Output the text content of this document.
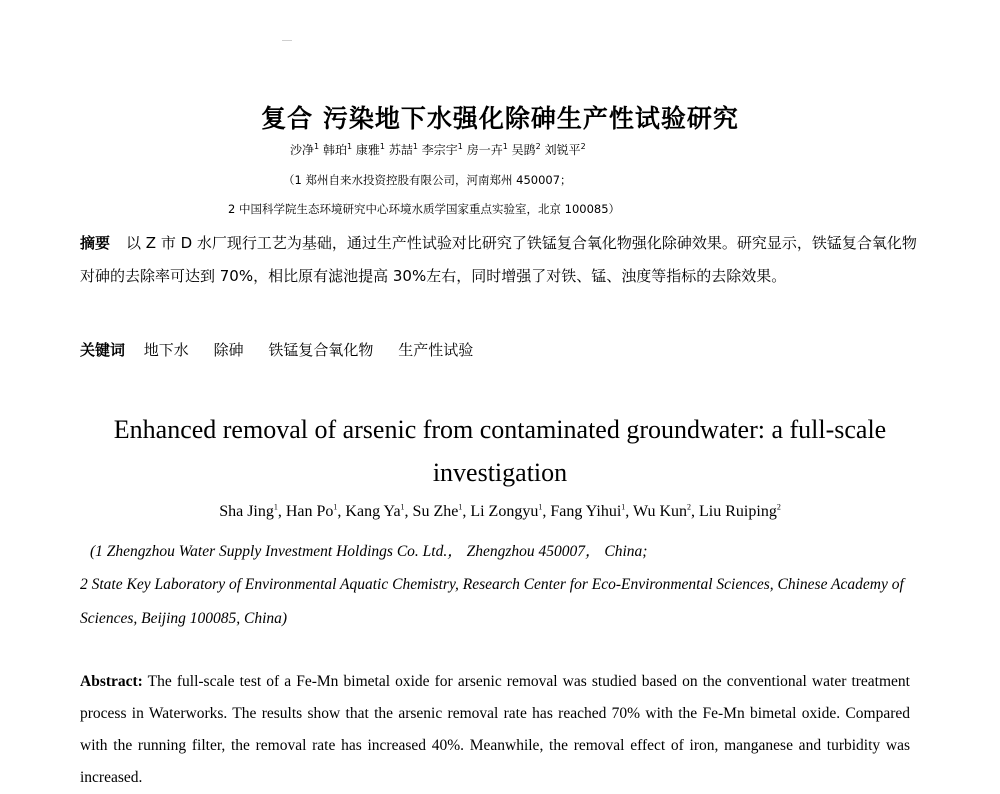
复合 污染地下水强化除砷生产性试验研究
沙净$^1$ 韩珀$^1$ 康雅$^1$ 苏喆$^1$ 李宗宇$^1$ 房一卉$^1$ 吴鹍$^2$ 刘锐平$^2$
（1 郑州自来水投资控股有限公司，河南郑州 450007；
2 中国科学院生态环境研究中心环境水质学国家重点实验室，北京 100085）
摘要 以 Z 市 D 水厂现行工艺为基础，通过生产性试验对比研究了铁锰复合氧化物强化除砷效果。研究显示，铁锰复合氧化物对砷的去除率可达到 70%，相比原有滤池提高 30%左右，同时增强了对铁、锰、浊度等指标的去除效果。
关键词 地下水 除砷 铁锰复合氧化物 生产性试验
Enhanced removal of arsenic from contaminated groundwater: a full-scale investigation
Sha Jing$^1$, Han Po$^1$, Kang Ya$^1$, Su Zhe$^1$, Li Zongyu$^1$, Fang Yihui$^1$, Wu Kun$^2$, Liu Ruiping$^2$
(1 Zhengzhou Water Supply Investment Holdings Co. Ltd.， Zhengzhou 450007， China;
2 State Key Laboratory of Environmental Aquatic Chemistry, Research Center for Eco-Environmental Sciences, Chinese Academy of Sciences, Beijing 100085, China)
Abstract: The full-scale test of a Fe-Mn bimetal oxide for arsenic removal was studied based on the conventional water treatment process in Waterworks. The results show that the arsenic removal rate has reached 70% with the Fe-Mn bimetal oxide. Compared with the running filter, the removal rate has increased 40%. Meanwhile, the removal effect of iron, manganese and turbidity was increased.
